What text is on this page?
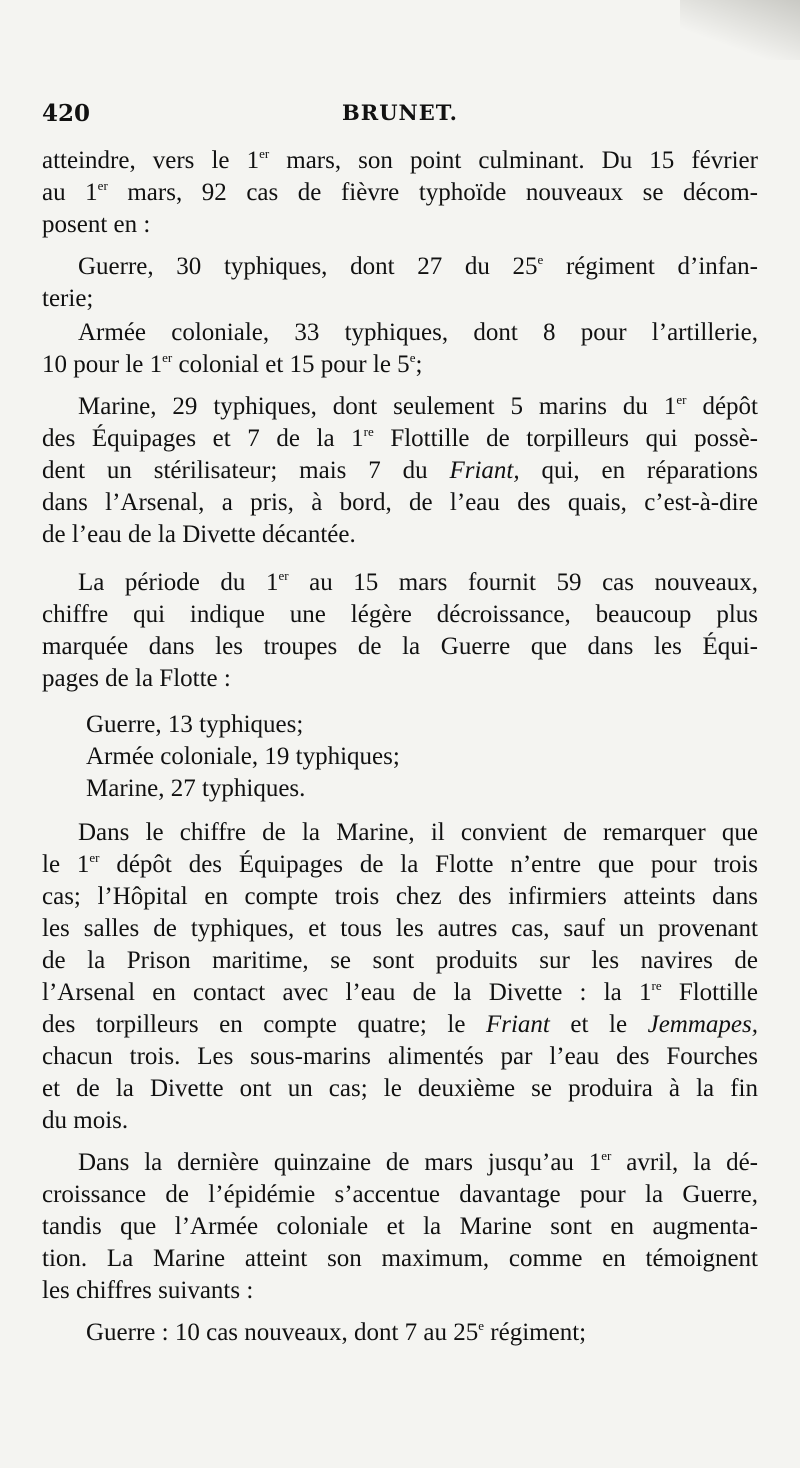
420	BRUNET.
atteindre, vers le 1er mars, son point culminant. Du 15 février
au 1er mars, 92 cas de fièvre typhoïde nouveaux se décom-
posent en :
Guerre, 30 typhiques, dont 27 du 25e régiment d’infan-
terie;
Armée coloniale, 33 typhiques, dont 8 pour l’artillerie,
10 pour le 1er colonial et 15 pour le 5e;
Marine, 29 typhiques, dont seulement 5 marins du 1er dépôt
des Équipages et 7 de la 1re Flottille de torpilleurs qui possè-
dent un stérilisateur; mais 7 du Friant, qui, en réparations
dans l’Arsenal, a pris, à bord, de l’eau des quais, c’est-à-dire
de l’eau de la Divette décantée.
La période du 1er au 15 mars fournit 59 cas nouveaux,
chiffre qui indique une légère décroissance, beaucoup plus
marquée dans les troupes de la Guerre que dans les Équi-
pages de la Flotte :
Guerre, 13 typhiques;
Armée coloniale, 19 typhiques;
Marine, 27 typhiques.
Dans le chiffre de la Marine, il convient de remarquer que
le 1er dépôt des Équipages de la Flotte n’entre que pour trois
cas; l’Hôpital en compte trois chez des infirmiers atteints dans
les salles de typhiques, et tous les autres cas, sauf un provenant
de la Prison maritime, se sont produits sur les navires de
l’Arsenal en contact avec l’eau de la Divette : la 1re Flottille
des torpilleurs en compte quatre; le Friant et le Jemmapes,
chacun trois. Les sous-marins alimentés par l’eau des Fourches
et de la Divette ont un cas; le deuxième se produira à la fin
du mois.
Dans la dernière quinzaine de mars jusqu’au 1er avril, la dé-
croissance de l’épidémie s’accentue davantage pour la Guerre,
tandis que l’Armée coloniale et la Marine sont en augmenta-
tion. La Marine atteint son maximum, comme en témoignent
les chiffres suivants :
Guerre : 10 cas nouveaux, dont 7 au 25e régiment;
